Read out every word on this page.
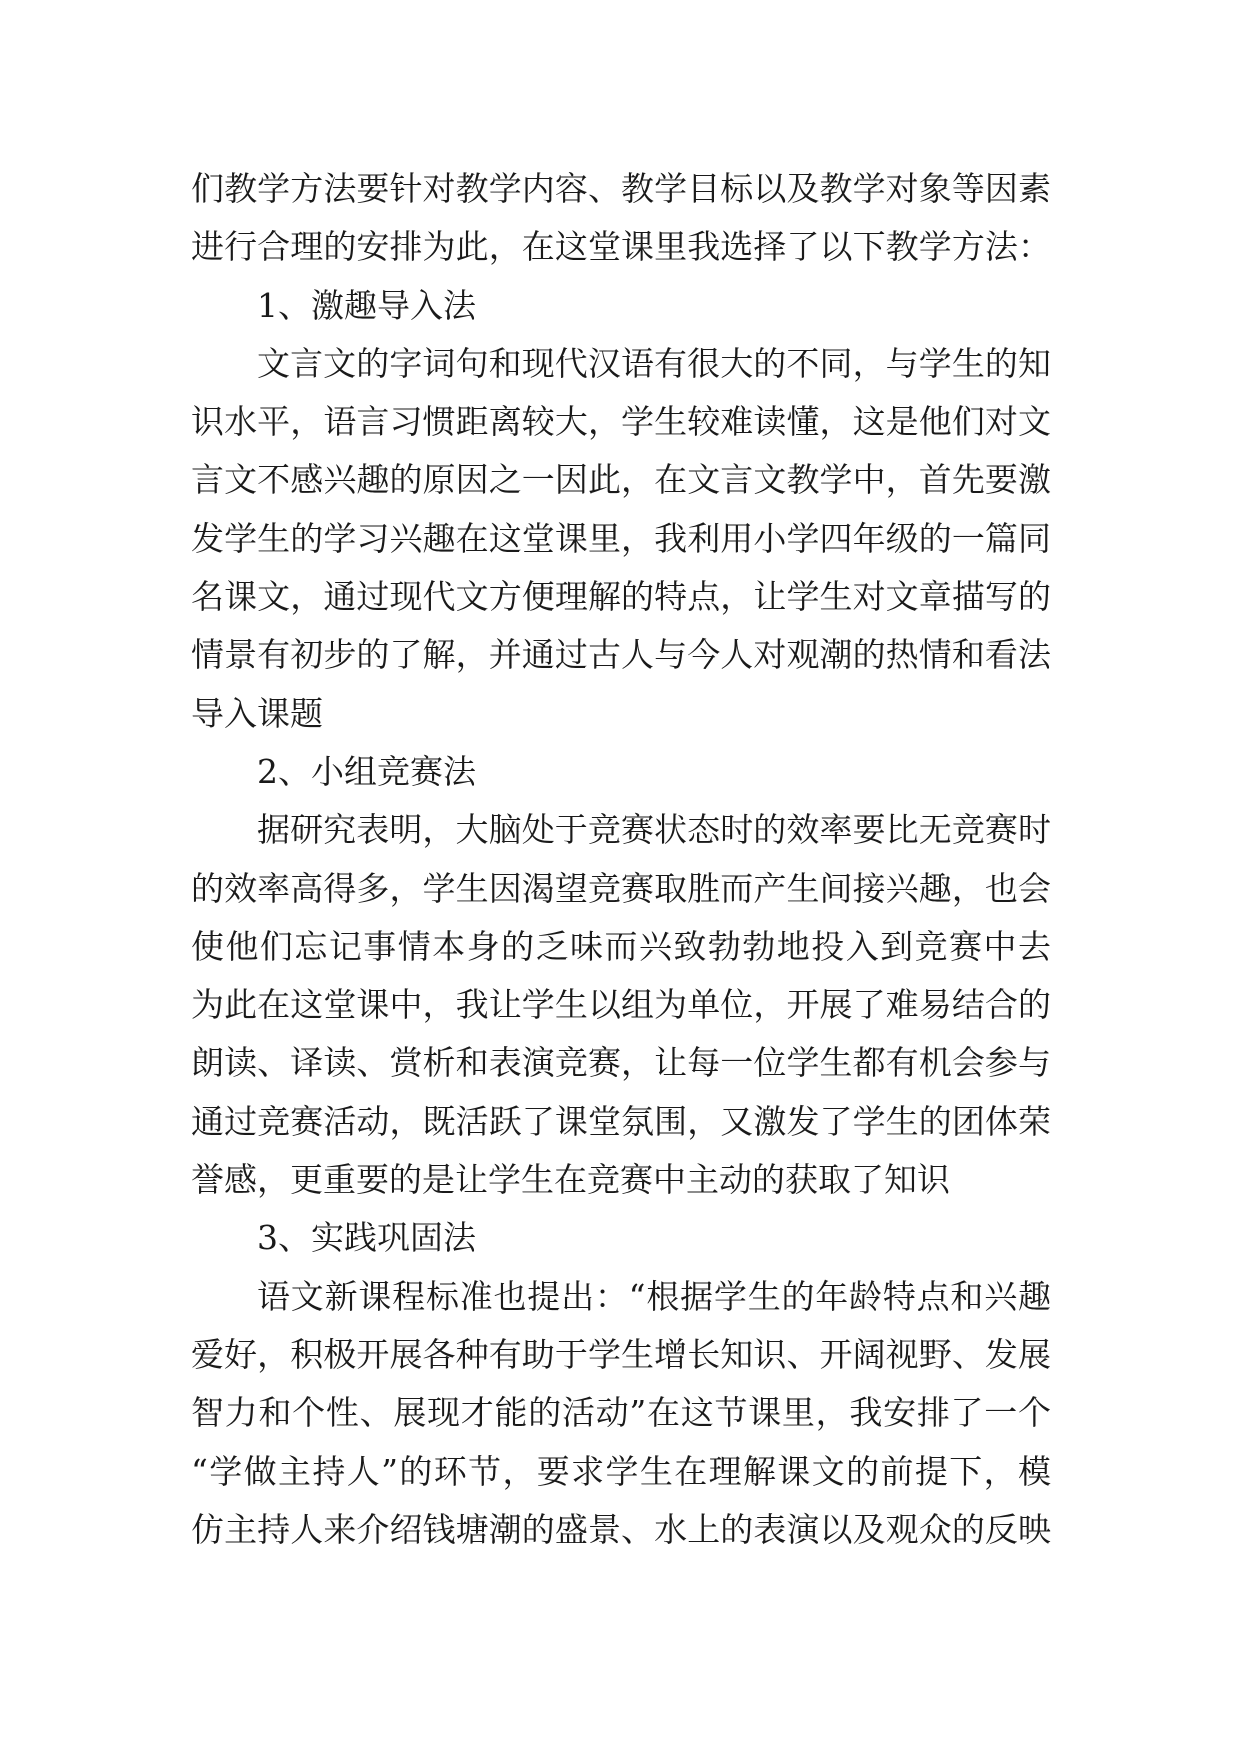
们教学方法要针对教学内容、教学目标以及教学对象等因素
进行合理的安排为此，在这堂课里我选择了以下教学方法：
1、激趣导入法
文言文的字词句和现代汉语有很大的不同，与学生的知
识水平，语言习惯距离较大，学生较难读懂，这是他们对文
言文不感兴趣的原因之一因此，在文言文教学中，首先要激
发学生的学习兴趣在这堂课里，我利用小学四年级的一篇同
名课文，通过现代文方便理解的特点，让学生对文章描写的
情景有初步的了解，并通过古人与今人对观潮的热情和看法
导入课题
2、小组竞赛法
据研究表明，大脑处于竞赛状态时的效率要比无竞赛时
的效率高得多，学生因渴望竞赛取胜而产生间接兴趣，也会
使他们忘记事情本身的乏味而兴致勃勃地投入到竞赛中去
为此在这堂课中，我让学生以组为单位，开展了难易结合的
朗读、译读、赏析和表演竞赛，让每一位学生都有机会参与
通过竞赛活动，既活跃了课堂氛围，又激发了学生的团体荣
誉感，更重要的是让学生在竞赛中主动的获取了知识
3、实践巩固法
语文新课程标准也提出：“根据学生的年龄特点和兴趣
爱好，积极开展各种有助于学生增长知识、开阔视野、发展
智力和个性、展现才能的活动”在这节课里，我安排了一个
“学做主持人”的环节，要求学生在理解课文的前提下，模
仿主持人来介绍钱塘潮的盛景、水上的表演以及观众的反映
